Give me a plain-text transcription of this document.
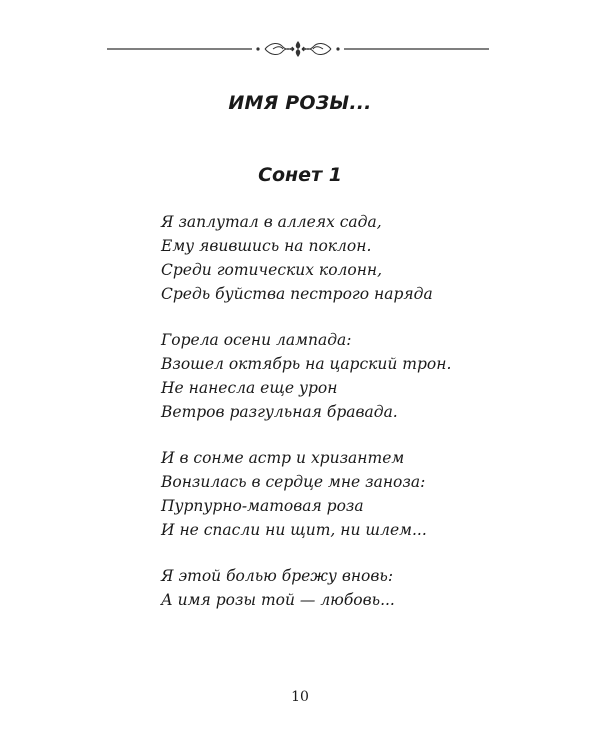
ИМЯ РОЗЫ...
Сонет 1
Я заплутал в аллеях сада,
Ему явившись на поклон.
Среди готических колонн,
Средь буйства пестрого наряда
Горела осени лампада:
Взошел октябрь на царский трон.
Не нанесла еще урон
Ветров разгульная бравада.
И в сонме астр и хризантем
Вонзилась в сердце мне заноза:
Пурпурно-матовая роза
И не спасли ни щит, ни шлем...
Я этой болью брежу вновь:
А имя розы той — любовь...
10
